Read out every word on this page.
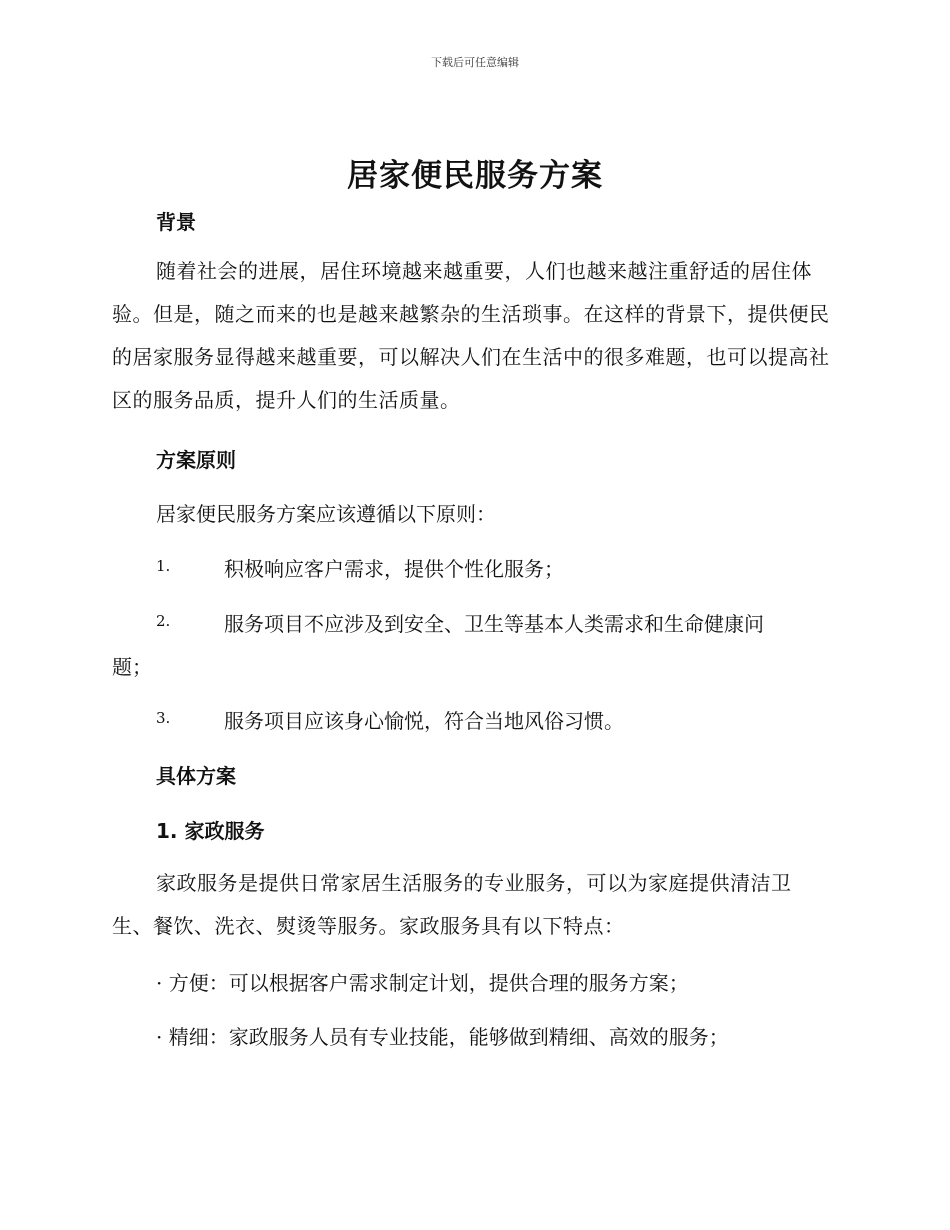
下载后可任意编辑
居家便民服务方案
背景
随着社会的进展，居住环境越来越重要，人们也越来越注重舒适的居住体验。但是，随之而来的也是越来越繁杂的生活琐事。在这样的背景下，提供便民的居家服务显得越来越重要，可以解决人们在生活中的很多难题，也可以提高社区的服务品质，提升人们的生活质量。
方案原则
居家便民服务方案应该遵循以下原则：
1.	积极响应客户需求，提供个性化服务；
2.	服务项目不应涉及到安全、卫生等基本人类需求和生命健康问
题；
3.	服务项目应该身心愉悦，符合当地风俗习惯。
具体方案
1. 家政服务
家政服务是提供日常家居生活服务的专业服务，可以为家庭提供清洁卫生、餐饮、洗衣、熨烫等服务。家政服务具有以下特点：
· 方便：可以根据客户需求制定计划，提供合理的服务方案；
· 精细：家政服务人员有专业技能，能够做到精细、高效的服务；
